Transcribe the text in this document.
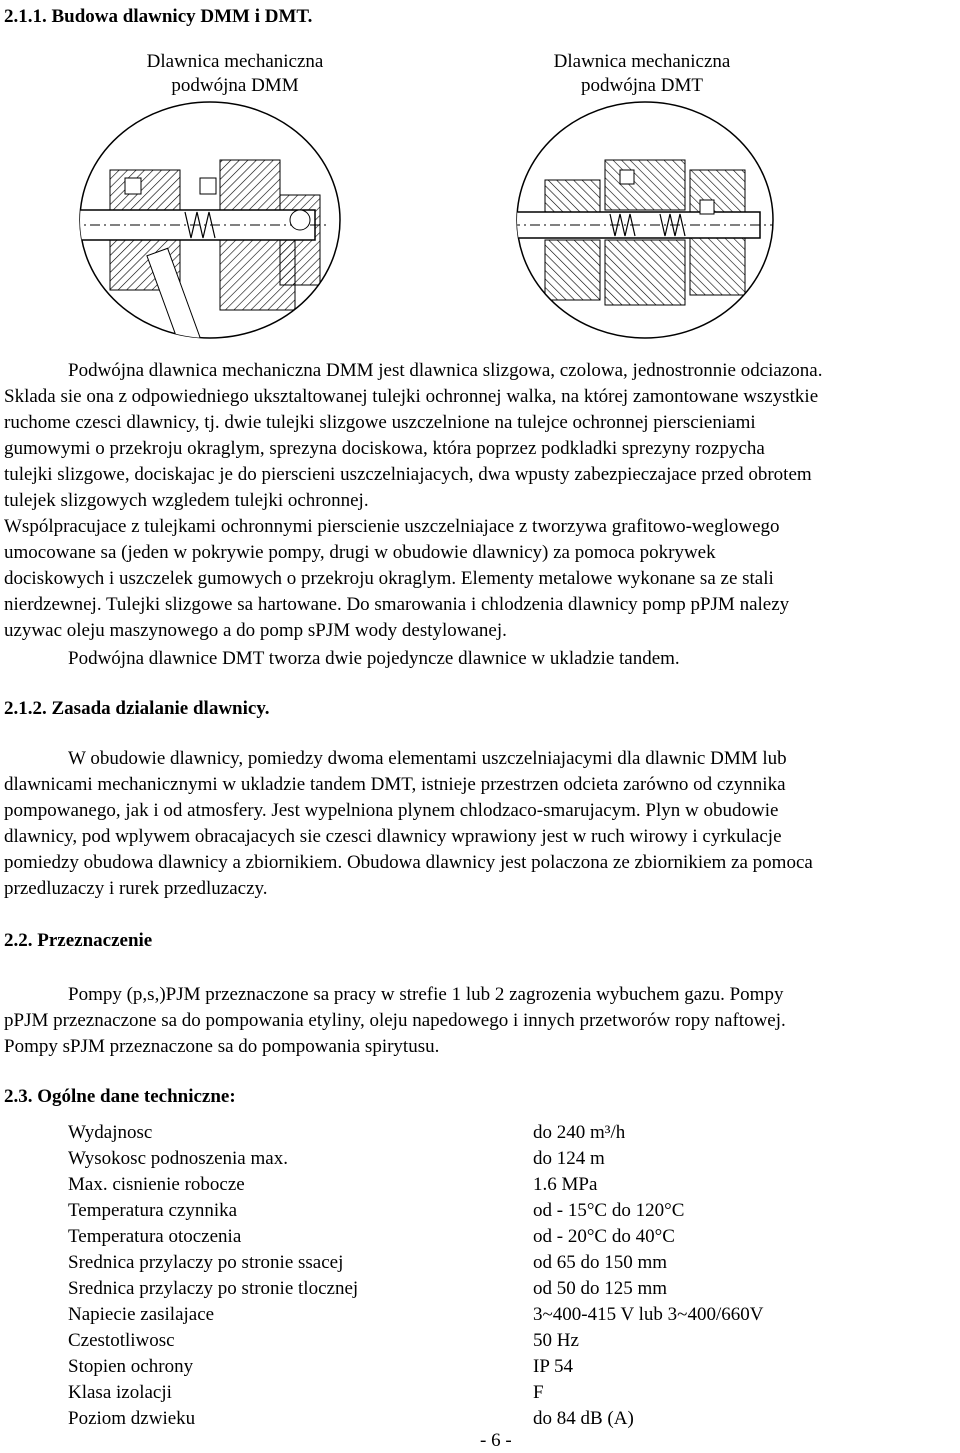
2.1.1. Budowa dlawnicy DMM i DMT.
Dlawnica mechaniczna
podwójna DMM
Dlawnica mechaniczna
podwójna DMT
Podwójna dlawnica mechaniczna DMM jest dlawnica slizgowa, czolowa, jednostronnie odciazona.
Sklada sie ona z odpowiedniego uksztaltowanej tulejki ochronnej walka, na której zamontowane wszystkie
ruchome czesci dlawnicy, tj. dwie tulejki slizgowe uszczelnione na tulejce ochronnej pierscieniami
gumowymi o przekroju okraglym, sprezyna dociskowa, która poprzez podkladki sprezyny rozpycha
tulejki slizgowe, dociskajac je do pierscieni uszczelniajacych, dwa wpusty zabezpieczajace przed obrotem
tulejek slizgowych wzgledem tulejki ochronnej.
Wspólpracujace z tulejkami ochronnymi pierscienie uszczelniajace z tworzywa grafitowo-weglowego
umocowane sa (jeden w pokrywie pompy, drugi w obudowie dlawnicy) za pomoca pokrywek
dociskowych i uszczelek gumowych o przekroju okraglym. Elementy metalowe wykonane sa ze stali
nierdzewnej. Tulejki slizgowe sa hartowane. Do smarowania i chlodzenia dlawnicy pomp pPJM nalezy
uzywac oleju maszynowego a do pomp sPJM wody destylowanej.
Podwójna dlawnice DMT tworza dwie pojedyncze dlawnice w ukladzie tandem.
2.1.2. Zasada dzialanie dlawnicy.
W obudowie dlawnicy, pomiedzy dwoma elementami uszczelniajacymi dla dlawnic DMM lub
dlawnicami mechanicznymi w ukladzie tandem DMT, istnieje przestrzen odcieta zarówno od czynnika
pompowanego, jak i od atmosfery. Jest wypelniona plynem chlodzaco-smarujacym. Plyn w obudowie
dlawnicy, pod wplywem obracajacych sie czesci dlawnicy wprawiony jest w ruch wirowy i cyrkulacje
pomiedzy obudowa dlawnicy a zbiornikiem. Obudowa dlawnicy jest polaczona ze zbiornikiem za pomoca
przedluzaczy i rurek przedluzaczy.
2.2. Przeznaczenie
Pompy (p,s,)PJM przeznaczone sa pracy w strefie 1 lub 2 zagrozenia wybuchem gazu. Pompy
pPJM przeznaczone sa do pompowania etyliny, oleju napedowego i innych przetworów ropy naftowej.
Pompy sPJM przeznaczone sa do pompowania spirytusu.
2.3. Ogólne dane techniczne:
Wydajnosc	do 240 m³/h
Wysokosc podnoszenia max.	do 124 m
Max. cisnienie robocze	1.6 MPa
Temperatura czynnika	od - 15°C do 120°C
Temperatura otoczenia	od - 20°C do 40°C
Srednica przylaczy po stronie ssacej	od 65 do 150 mm
Srednica przylaczy po stronie tlocznej	od 50 do 125 mm
Napiecie zasilajace	3~400-415 V lub 3~400/660V
Czestotliwosc	50 Hz
Stopien ochrony	IP 54
Klasa izolacji	F
Poziom dzwieku	do 84 dB (A)
- 6 -
